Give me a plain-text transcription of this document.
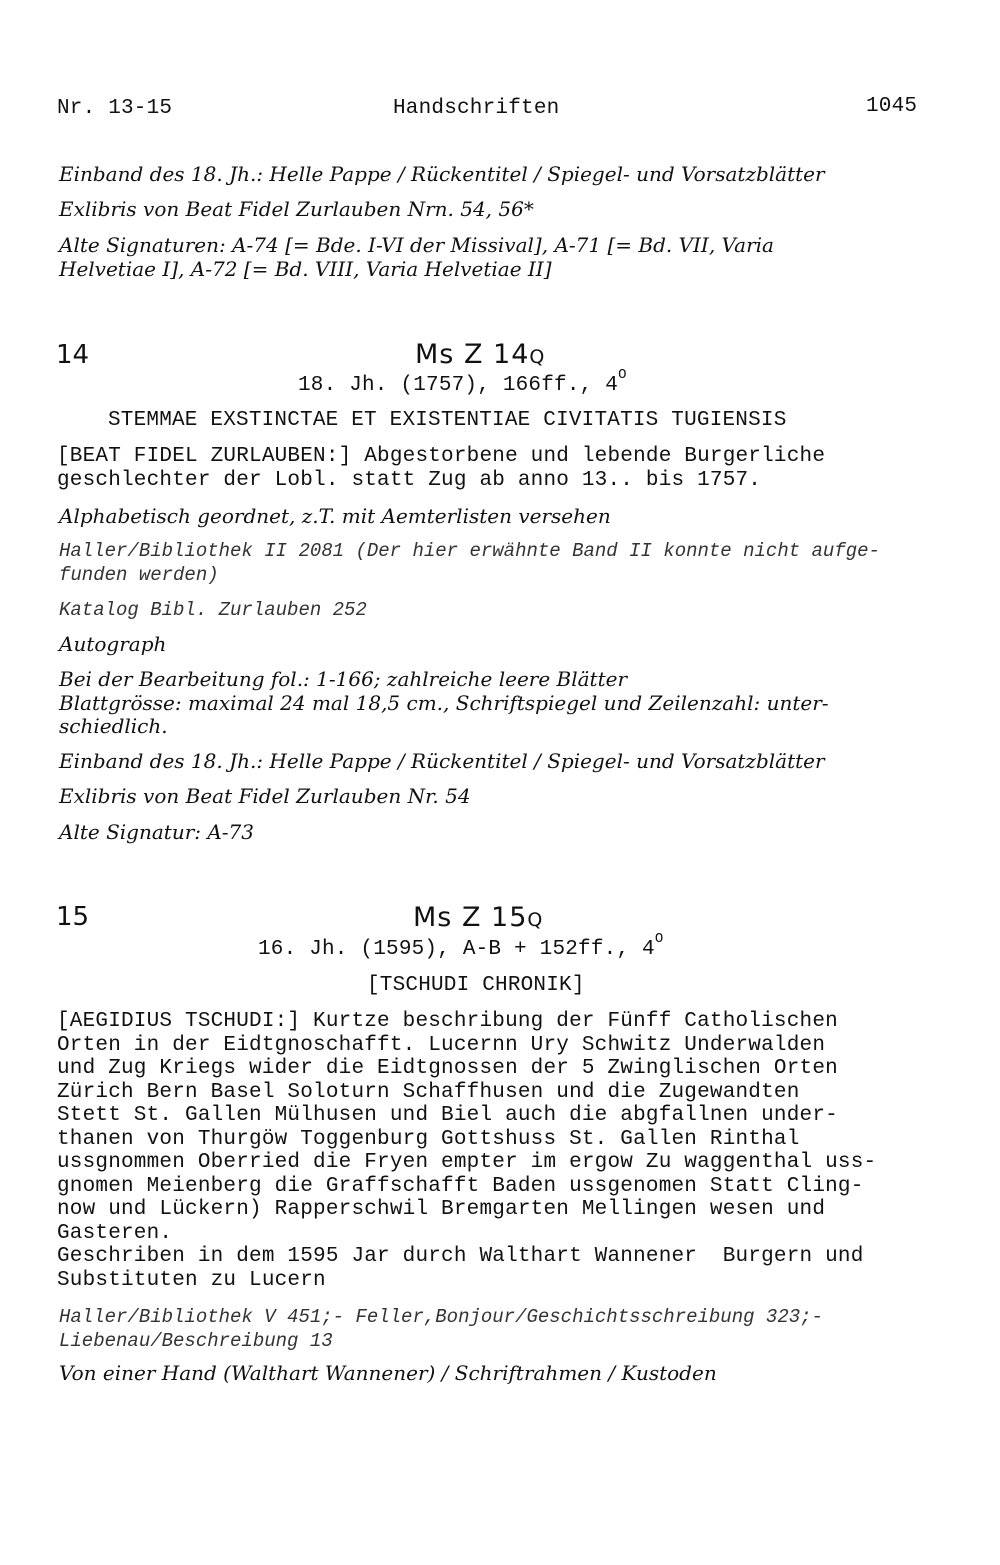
Nr. 13-15	Handschriften	1045
Einband des 18. Jh.: Helle Pappe / Rückentitel / Spiegel- und Vorsatzblätter
Exlibris von Beat Fidel Zurlauben Nrn. 54, 56*
Alte Signaturen: A-74 [= Bde. I-VI der Missival], A-71 [= Bd. VII, Varia
Helvetiae I], A-72 [= Bd. VIII, Varia Helvetiae II]
14	Ms Z 14Q
18. Jh. (1757), 166ff., $4^O$
STEMMAE EXSTINCTAE ET EXISTENTIAE CIVITATIS TUGIENSIS
[BEAT FIDEL ZURLAUBEN:] Abgestorbene und lebende Burgerliche
geschlechter der Lobl. statt Zug ab anno 13.. bis 1757.
Alphabetisch geordnet, z.T. mit Aemterlisten versehen
Haller/Bibliothek II 2081 (Der hier erwähnte Band II konnte nicht aufge-
funden werden)
Katalog Bibl. Zurlauben 252
Autograph
Bei der Bearbeitung fol.: 1-166; zahlreiche leere Blätter
Blattgrösse: maximal 24 mal 18,5 cm., Schriftspiegel und Zeilenzahl: unter-
schiedlich.
Einband des 18. Jh.: Helle Pappe / Rückentitel / Spiegel- und Vorsatzblätter
Exlibris von Beat Fidel Zurlauben Nr. 54
Alte Signatur: A-73
15	Ms Z 15Q
16. Jh. (1595), A-B + 152ff., $4^O$
[TSCHUDI CHRONIK]
[AEGIDIUS TSCHUDI:] Kurtze beschribung der Fünff Catholischen
Orten in der Eidtgnoschafft. Lucernn Ury Schwitz Underwalden
und Zug Kriegs wider die Eidtgnossen der 5 Zwinglischen Orten
Zürich Bern Basel Soloturn Schaffhusen und die Zugewandten
Stett St. Gallen Mülhusen und Biel auch die abgfallnen under-
thanen von Thurgöw Toggenburg Gottshuss St. Gallen Rinthal
ussgnommen Oberried die Fryen empter im ergow Zu waggenthal uss-
gnomen Meienberg die Graffschafft Baden ussgenomen Statt Cling-
now und Lückern) Rapperschwil Bremgarten Mellingen wesen und
Gasteren.
Geschriben in dem 1595 Jar durch Walthart Wannener  Burgern und
Substituten zu Lucern
Haller/Bibliothek V 451;- Feller,Bonjour/Geschichtsschreibung 323;-
Liebenau/Beschreibung 13
Von einer Hand (Walthart Wannener) / Schriftrahmen / Kustoden
